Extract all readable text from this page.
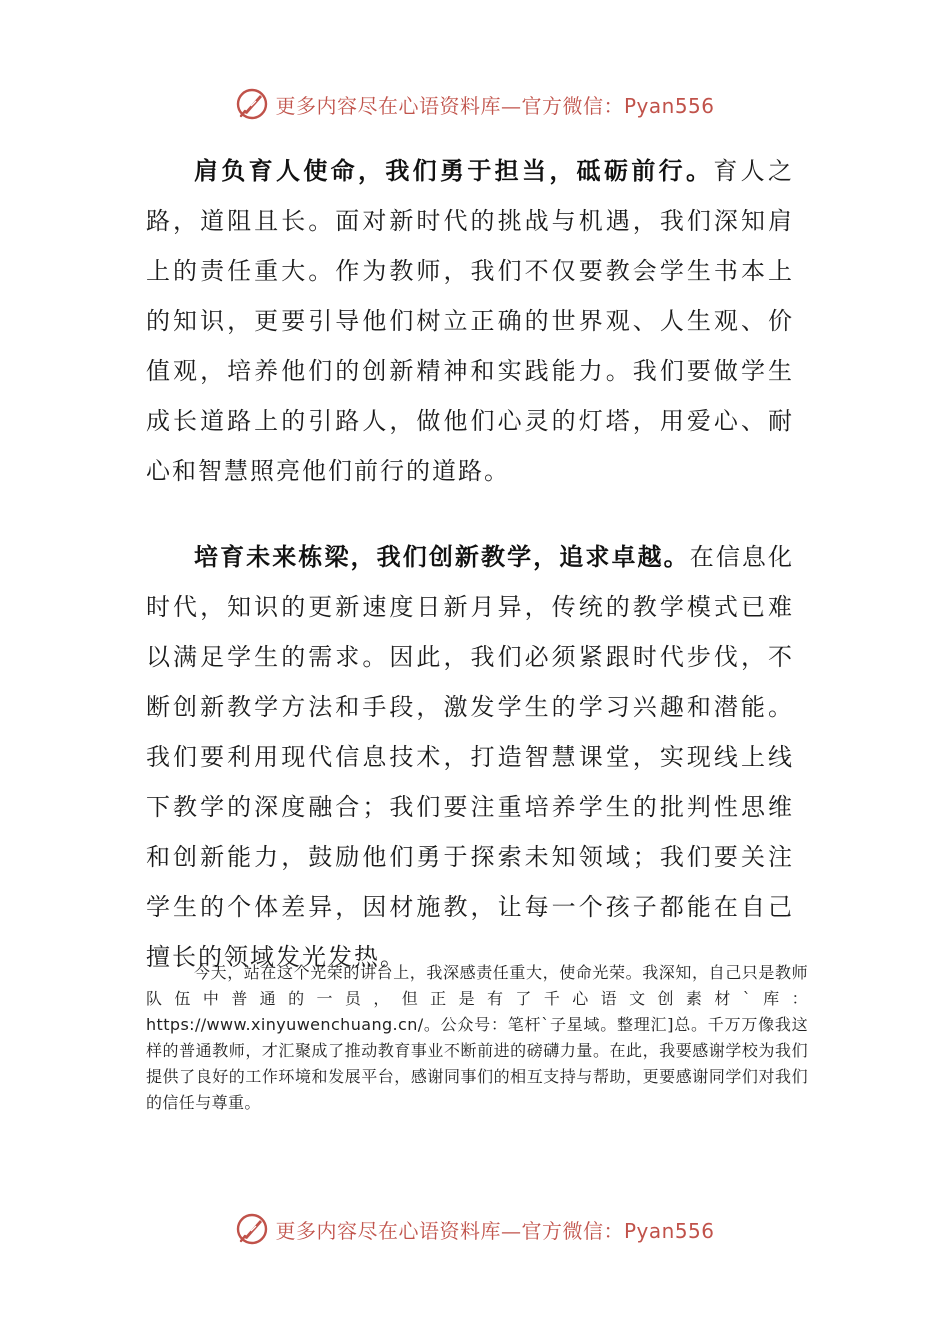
更多内容尽在心语资料库—官方微信：Pyan556

肩负育人使命，我们勇于担当，砥砺前行。育人之路，道阻且长。面对新时代的挑战与机遇，我们深知肩上的责任重大。作为教师，我们不仅要教会学生书本上的知识，更要引导他们树立正确的世界观、人生观、价值观，培养他们的创新精神和实践能力。我们要做学生成长道路上的引路人，做他们心灵的灯塔，用爱心、耐心和智慧照亮他们前行的道路。

培育未来栋梁，我们创新教学，追求卓越。在信息化时代，知识的更新速度日新月异，传统的教学模式已难以满足学生的需求。因此，我们必须紧跟时代步伐，不断创新教学方法和手段，激发学生的学习兴趣和潜能。我们要利用现代信息技术，打造智慧课堂，实现线上线下教学的深度融合；我们要注重培养学生的批判性思维和创新能力，鼓励他们勇于探索未知领域；我们要关注学生的个体差异，因材施教，让每一个孩子都能在自己擅长的领域发光发热。

今天，站在这个光荣的讲台上，我深感责任重大，使命光荣。我深知，自己只是教师队伍中普通的一员，但正是有了千心语文创素材`库：https://www.xinyuwenchuang.cn/。公众号：笔杆`子星域。整理汇]总。千万万像我这样的普通教师，才汇聚成了推动教育事业不断前进的磅礴力量。在此，我要感谢学校为我们提供了良好的工作环境和发展平台，感谢同事们的相互支持与帮助，更要感谢同学们对我们的信任与尊重。

更多内容尽在心语资料库—官方微信：Pyan556
